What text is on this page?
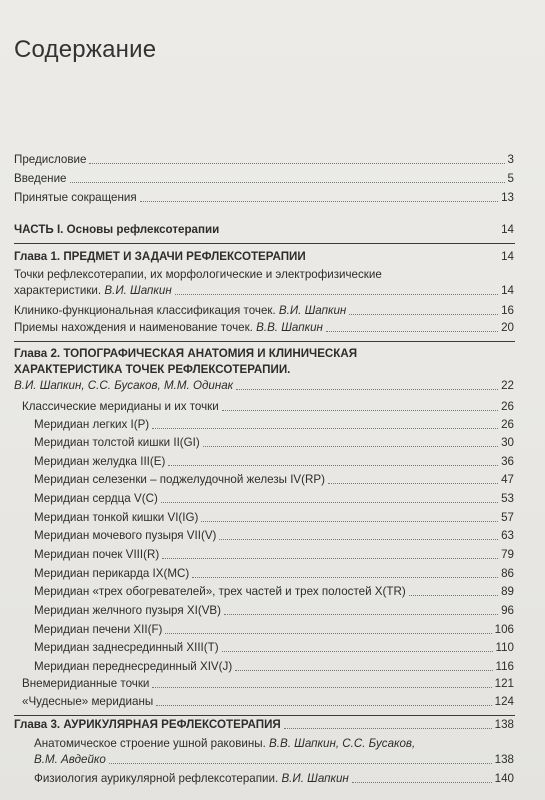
Содержание
Предисловие	3
Введение	5
Принятые сокращения	13
ЧАСТЬ I. Основы рефлексотерапии	14
Глава 1. ПРЕДМЕТ И ЗАДАЧИ РЕФЛЕКСОТЕРАПИИ	14
Точки рефлексотерапии, их морфологические и электрофизические
характеристики.
В.И. Шапкин	14
Клинико-функциональная классификация точек.
В.И. Шапкин	16
Приемы нахождения и наименование точек.
В.В. Шапкин	20
Глава 2. ТОПОГРАФИЧЕСКАЯ АНАТОМИЯ И КЛИНИЧЕСКАЯ
ХАРАКТЕРИСТИКА ТОЧЕК РЕФЛЕКСОТЕРАПИИ.
В.И. Шапкин, С.С. Бусаков, М.М. Одинак	22
Классические меридианы и их точки	26
Меридиан легких I(P)	26
Меридиан толстой кишки II(GI)	30
Меридиан желудка III(E)	36
Меридиан селезенки – поджелудочной железы IV(RP)	47
Меридиан сердца V(C)	53
Меридиан тонкой кишки VI(IG)	57
Меридиан мочевого пузыря VII(V)	63
Меридиан почек VIII(R)	79
Меридиан перикарда IX(MC)	86
Меридиан «трех обогревателей», трех частей и трех полостей X(TR)	89
Меридиан желчного пузыря XI(VB)	96
Меридиан печени XII(F)	106
Меридиан заднесрединный XIII(T)	110
Меридиан переднесрединный XIV(J)	116
Внемеридианные точки	121
«Чудесные» меридианы	124
Глава 3. АУРИКУЛЯРНАЯ РЕФЛЕКСОТЕРАПИЯ	138
Анатомическое строение ушной раковины. В.В. Шапкин, С.С. Бусаков,
В.М. Авдейко	138
Физиология аурикулярной рефлексотерапии.
В.И. Шапкин	140
